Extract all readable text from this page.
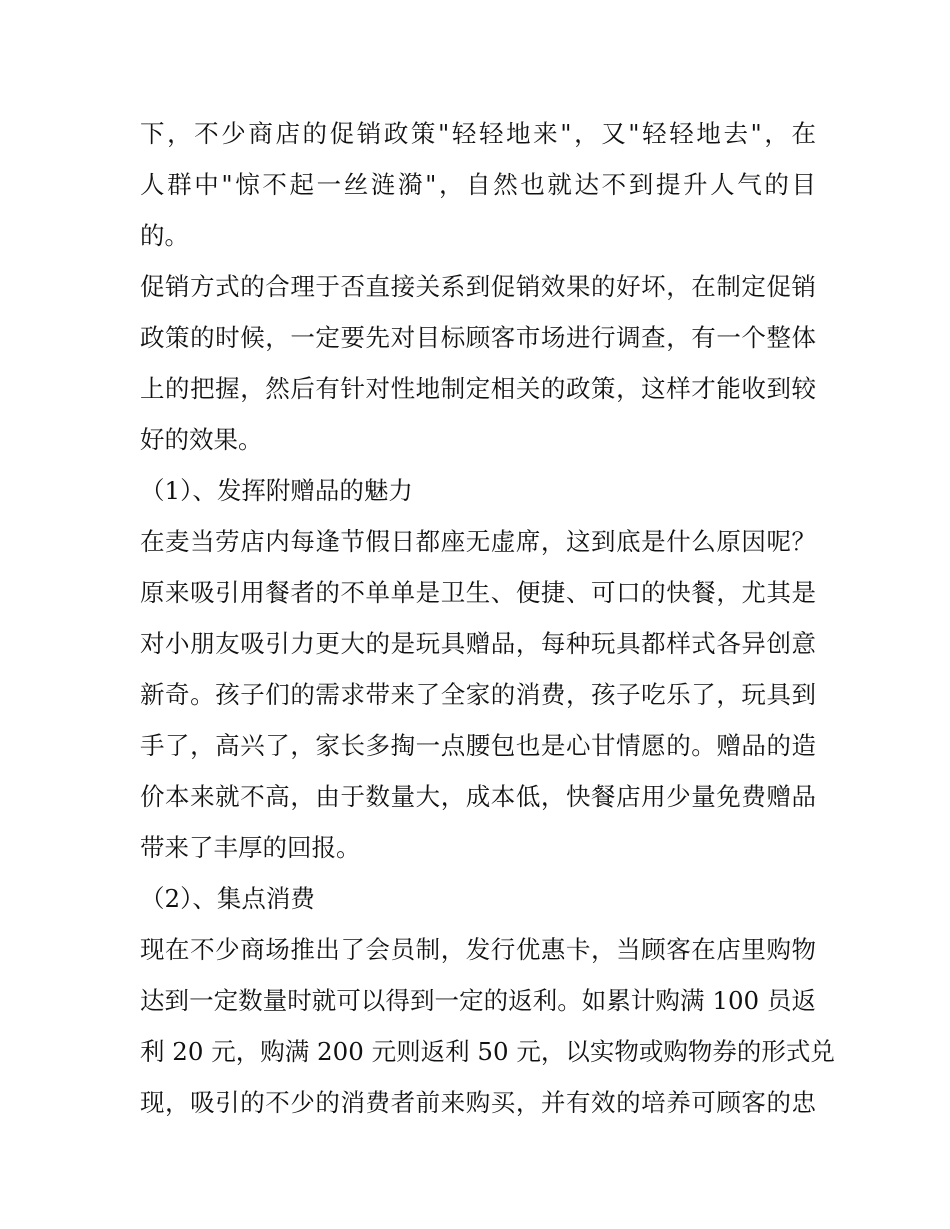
下，不少商店的促销政策"轻轻地来"，又"轻轻地去"，在
人群中"惊不起一丝涟漪"，自然也就达不到提升人气的目
的。
促销方式的合理于否直接关系到促销效果的好坏，在制定促销
政策的时候，一定要先对目标顾客市场进行调查，有一个整体
上的把握，然后有针对性地制定相关的政策，这样才能收到较
好的效果。
（1）、发挥附赠品的魅力
在麦当劳店内每逢节假日都座无虚席，这到底是什么原因呢？
原来吸引用餐者的不单单是卫生、便捷、可口的快餐，尤其是
对小朋友吸引力更大的是玩具赠品，每种玩具都样式各异创意
新奇。孩子们的需求带来了全家的消费，孩子吃乐了，玩具到
手了，高兴了，家长多掏一点腰包也是心甘情愿的。赠品的造
价本来就不高，由于数量大，成本低，快餐店用少量免费赠品
带来了丰厚的回报。
（2）、集点消费
现在不少商场推出了会员制，发行优惠卡，当顾客在店里购物
达到一定数量时就可以得到一定的返利。如累计购满 100 员返
利 20 元，购满 200 元则返利 50 元，以实物或购物券的形式兑
现，吸引的不少的消费者前来购买，并有效的培养可顾客的忠
